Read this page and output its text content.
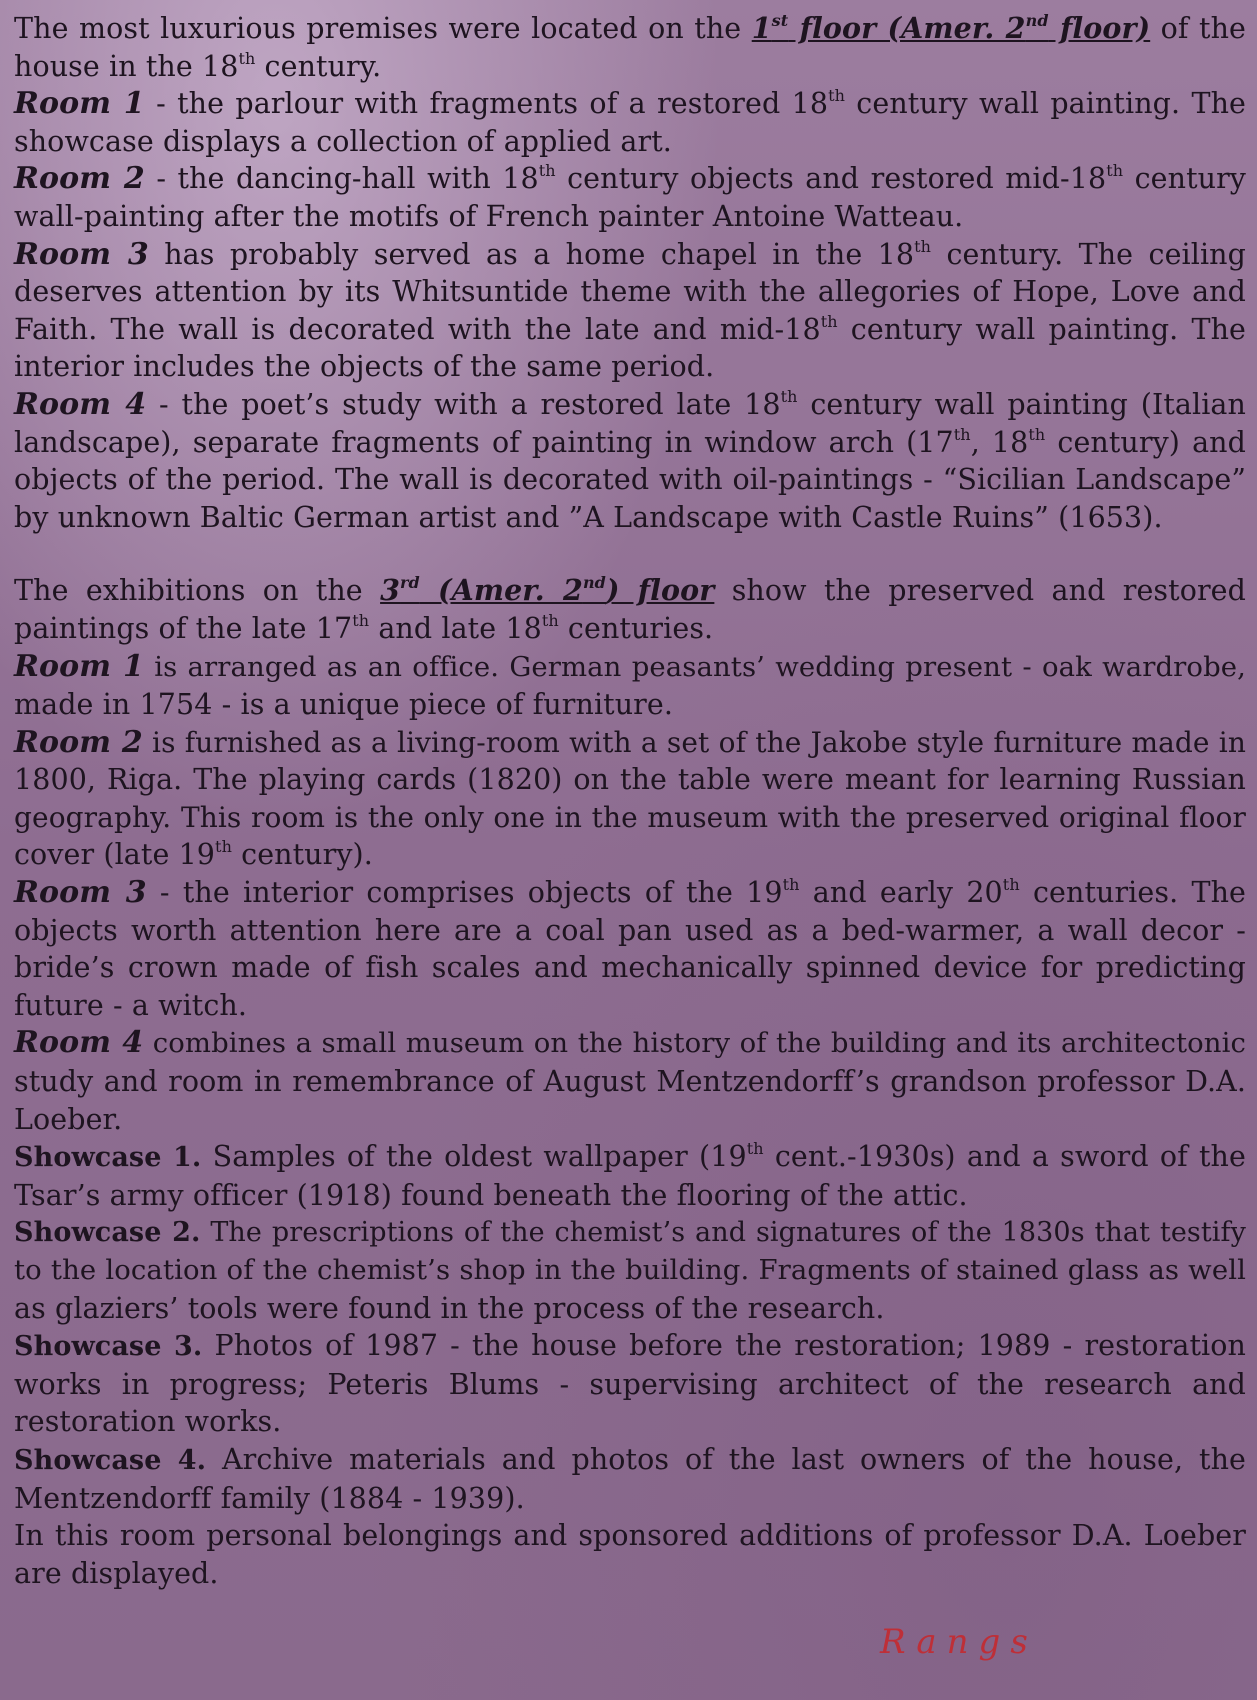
The most luxurious premises were located on the 1st floor (Amer. 2nd floor) of the
house in the 18th century.
Room 1 - the parlour with fragments of a restored 18th century wall painting. The
showcase displays a collection of applied art.
Room 2 - the dancing-hall with 18th century objects and restored mid-18th century
wall-painting after the motifs of French painter Antoine Watteau.
Room 3 has probably served as a home chapel in the 18th century. The ceiling
deserves attention by its Whitsuntide theme with the allegories of Hope, Love and
Faith. The wall is decorated with the late and mid-18th century wall painting. The
interior includes the objects of the same period.
Room 4 - the poet’s study with a restored late 18th century wall painting (Italian
landscape), separate fragments of painting in window arch (17th, 18th century) and
objects of the period. The wall is decorated with oil-paintings - “Sicilian Landscape”
by unknown Baltic German artist and ”A Landscape with Castle Ruins” (1653).
The exhibitions on the 3rd (Amer. 2nd) floor show the preserved and restored
paintings of the late 17th and late 18th centuries.
Room 1 is arranged as an office. German peasants’ wedding present - oak wardrobe,
made in 1754 - is a unique piece of furniture.
Room 2 is furnished as a living-room with a set of the Jakobe style furniture made in
1800, Riga. The playing cards (1820) on the table were meant for learning Russian
geography. This room is the only one in the museum with the preserved original floor
cover (late 19th century).
Room 3 - the interior comprises objects of the 19th and early 20th centuries. The
objects worth attention here are a coal pan used as a bed-warmer, a wall decor -
bride’s crown made of fish scales and mechanically spinned device for predicting
future - a witch.
Room 4 combines a small museum on the history of the building and its architectonic
study and room in remembrance of August Mentzendorff’s grandson professor D.A.
Loeber.
Showcase 1. Samples of the oldest wallpaper (19th cent.-1930s) and a sword of the
Tsar’s army officer (1918) found beneath the flooring of the attic.
Showcase 2. The prescriptions of the chemist’s and signatures of the 1830s that testify
to the location of the chemist’s shop in the building. Fragments of stained glass as well
as glaziers’ tools were found in the process of the research.
Showcase 3. Photos of 1987 - the house before the restoration; 1989 - restoration
works in progress; Peteris Blums - supervising architect of the research and
restoration works.
Showcase 4. Archive materials and photos of the last owners of the house, the
Mentzendorff family (1884 - 1939).
In this room personal belongings and sponsored additions of professor D.A. Loeber
are displayed.
Rangs
